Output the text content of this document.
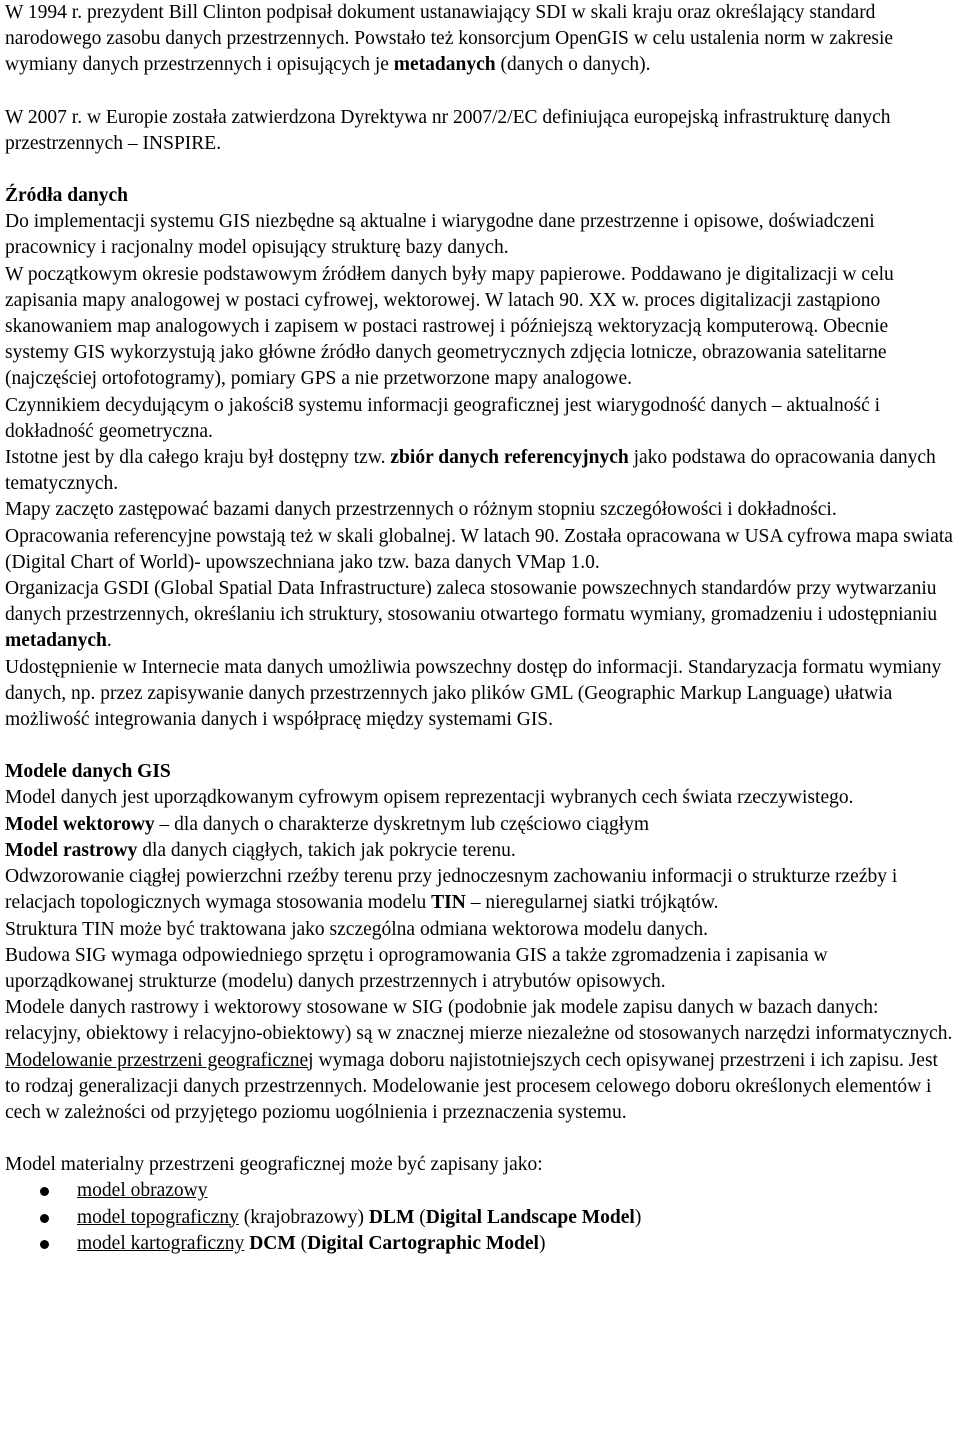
W 1994 r. prezydent Bill Clinton podpisał dokument ustanawiający SDI w skali kraju oraz określający standard narodowego zasobu danych przestrzennych. Powstało też konsorcjum OpenGIS w celu ustalenia norm w zakresie wymiany danych przestrzennych i opisujących je metadanych (danych o danych).

W 2007 r. w Europie została zatwierdzona Dyrektywa nr 2007/2/EC definiująca europejską infrastrukturę danych przestrzennych – INSPIRE.

Źródła danych

Do implementacji systemu GIS niezbędne są aktualne i wiarygodne dane przestrzenne i opisowe, doświadczeni pracownicy i racjonalny model opisujący strukturę bazy danych.

W początkowym okresie podstawowym źródłem danych były mapy papierowe. Poddawano je digitalizacji w celu zapisania mapy analogowej w postaci cyfrowej, wektorowej. W latach 90. XX w. proces digitalizacji zastąpiono skanowaniem map analogowych i zapisem w postaci rastrowej i późniejszą wektoryzacją komputerową. Obecnie systemy GIS wykorzystują jako główne źródło danych geometrycznych zdjęcia lotnicze, obrazowania satelitarne (najczęściej ortofotogramy), pomiary GPS a nie przetworzone mapy analogowe.

Czynnikiem decydującym o jakości8 systemu informacji geograficznej jest wiarygodność danych – aktualność i dokładność geometryczna.

Istotne jest by dla całego kraju był dostępny tzw. zbiór danych referencyjnych jako podstawa do opracowania danych tematycznych.

Mapy zaczęto zastępować bazami danych przestrzennych o różnym stopniu szczegółowości i dokładności.

Opracowania referencyjne powstają też w skali globalnej. W latach 90. Została opracowana w USA cyfrowa mapa swiata (Digital Chart of World)- upowszechniana jako tzw. baza danych VMap 1.0.

Organizacja GSDI (Global Spatial Data Infrastructure) zaleca stosowanie powszechnych standardów przy wytwarzaniu danych przestrzennych, określaniu ich struktury, stosowaniu otwartego formatu wymiany, gromadzeniu i udostępnianiu metadanych.

Udostępnienie w Internecie mata danych umożliwia powszechny dostęp do informacji. Standaryzacja formatu wymiany danych, np. przez zapisywanie danych przestrzennych jako plików GML (Geographic Markup Language) ułatwia możliwość integrowania danych i współpracę między systemami GIS.

Modele danych GIS

Model danych jest uporządkowanym cyfrowym opisem reprezentacji wybranych cech świata rzeczywistego.

Model wektorowy – dla danych o charakterze dyskretnym lub częściowo ciągłym

Model rastrowy dla danych ciągłych, takich jak pokrycie terenu.

Odwzorowanie ciągłej powierzchni rzeźby terenu przy jednoczesnym zachowaniu informacji o strukturze rzeźby i relacjach topologicznych wymaga stosowania modelu TIN – nieregularnej siatki trójkątów.

Struktura TIN może być traktowana jako szczególna odmiana wektorowa modelu danych.

Budowa SIG wymaga odpowiedniego sprzętu i oprogramowania GIS a także zgromadzenia i zapisania w uporządkowanej strukturze (modelu) danych przestrzennych i atrybutów opisowych.

Modele danych rastrowy i wektorowy stosowane w SIG (podobnie jak modele zapisu danych w bazach danych: relacyjny, obiektowy i relacyjno-obiektowy) są w znacznej mierze niezależne od stosowanych narzędzi informatycznych.

Modelowanie przestrzeni geograficznej wymaga doboru najistotniejszych cech opisywanej przestrzeni i ich zapisu. Jest to rodzaj generalizacji danych przestrzennych. Modelowanie jest procesem celowego doboru określonych elementów i cech w zależności od przyjętego poziomu uogólnienia i przeznaczenia systemu.

Model materialny przestrzeni geograficznej może być zapisany jako:

model obrazowy
model topograficzny (krajobrazowy) DLM (Digital Landscape Model)
model kartograficzny DCM (Digital Cartographic Model)
